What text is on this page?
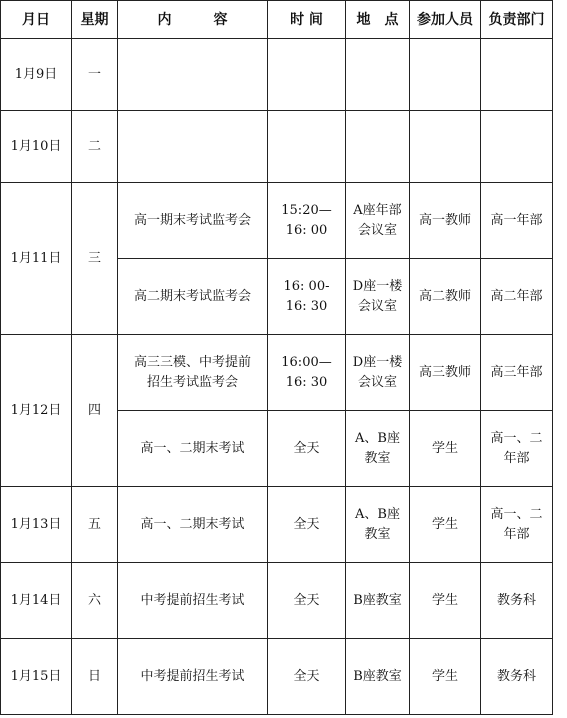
月日	星期	内　　　容	时 间	地　点	参加人员	负责部门
1月9日	一					
1月10日	二					
1月11日	三	高一期末考试监考会	15:20—
16: 00	A座年部
会议室	高一教师	高一年部
		高二期末考试监考会	16: 00-
16: 30	D座一楼
会议室	高二教师	高二年部
1月12日	四	高三三模、中考提前
招生考试监考会	16:00—
16: 30	D座一楼
会议室	高三教师	高三年部
		高一、二期末考试	全天	A、B座
教室	学生	高一、二
年部
1月13日	五	高一、二期末考试	全天	A、B座
教室	学生	高一、二
年部
1月14日	六	中考提前招生考试	全天	B座教室	学生	教务科
1月15日	日	中考提前招生考试	全天	B座教室	学生	教务科
